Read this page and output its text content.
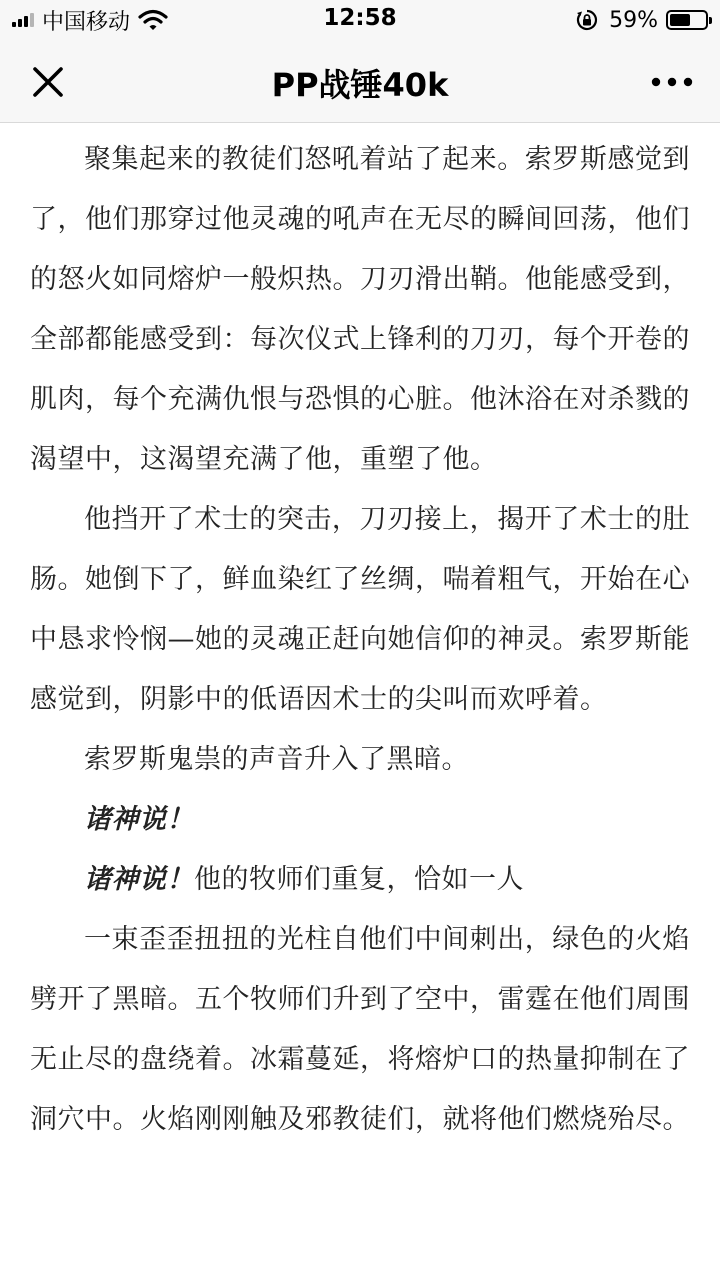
中国移动	12:58	59%
PP战锤40k

聚集起来的教徒们怒吼着站了起来。索罗斯感觉到了，他们那穿过他灵魂的吼声在无尽的瞬间回荡，他们的怒火如同熔炉一般炽热。刀刃滑出鞘。他能感受到，全部都能感受到：每次仪式上锋利的刀刃，每个开卷的肌肉，每个充满仇恨与恐惧的心脏。他沐浴在对杀戮的渴望中，这渴望充满了他，重塑了他。

他挡开了术士的突击，刀刃接上，揭开了术士的肚肠。她倒下了，鲜血染红了丝绸，喘着粗气，开始在心中恳求怜悯—她的灵魂正赶向她信仰的神灵。索罗斯能感觉到，阴影中的低语因术士的尖叫而欢呼着。

索罗斯鬼祟的声音升入了黑暗。

诸神说！

诸神说！他的牧师们重复，恰如一人

一束歪歪扭扭的光柱自他们中间刺出，绿色的火焰劈开了黑暗。五个牧师们升到了空中，雷霆在他们周围无止尽的盘绕着。冰霜蔓延，将熔炉口的热量抑制在了洞穴中。火焰刚刚触及邪教徒们，就将他们燃烧殆尽。
